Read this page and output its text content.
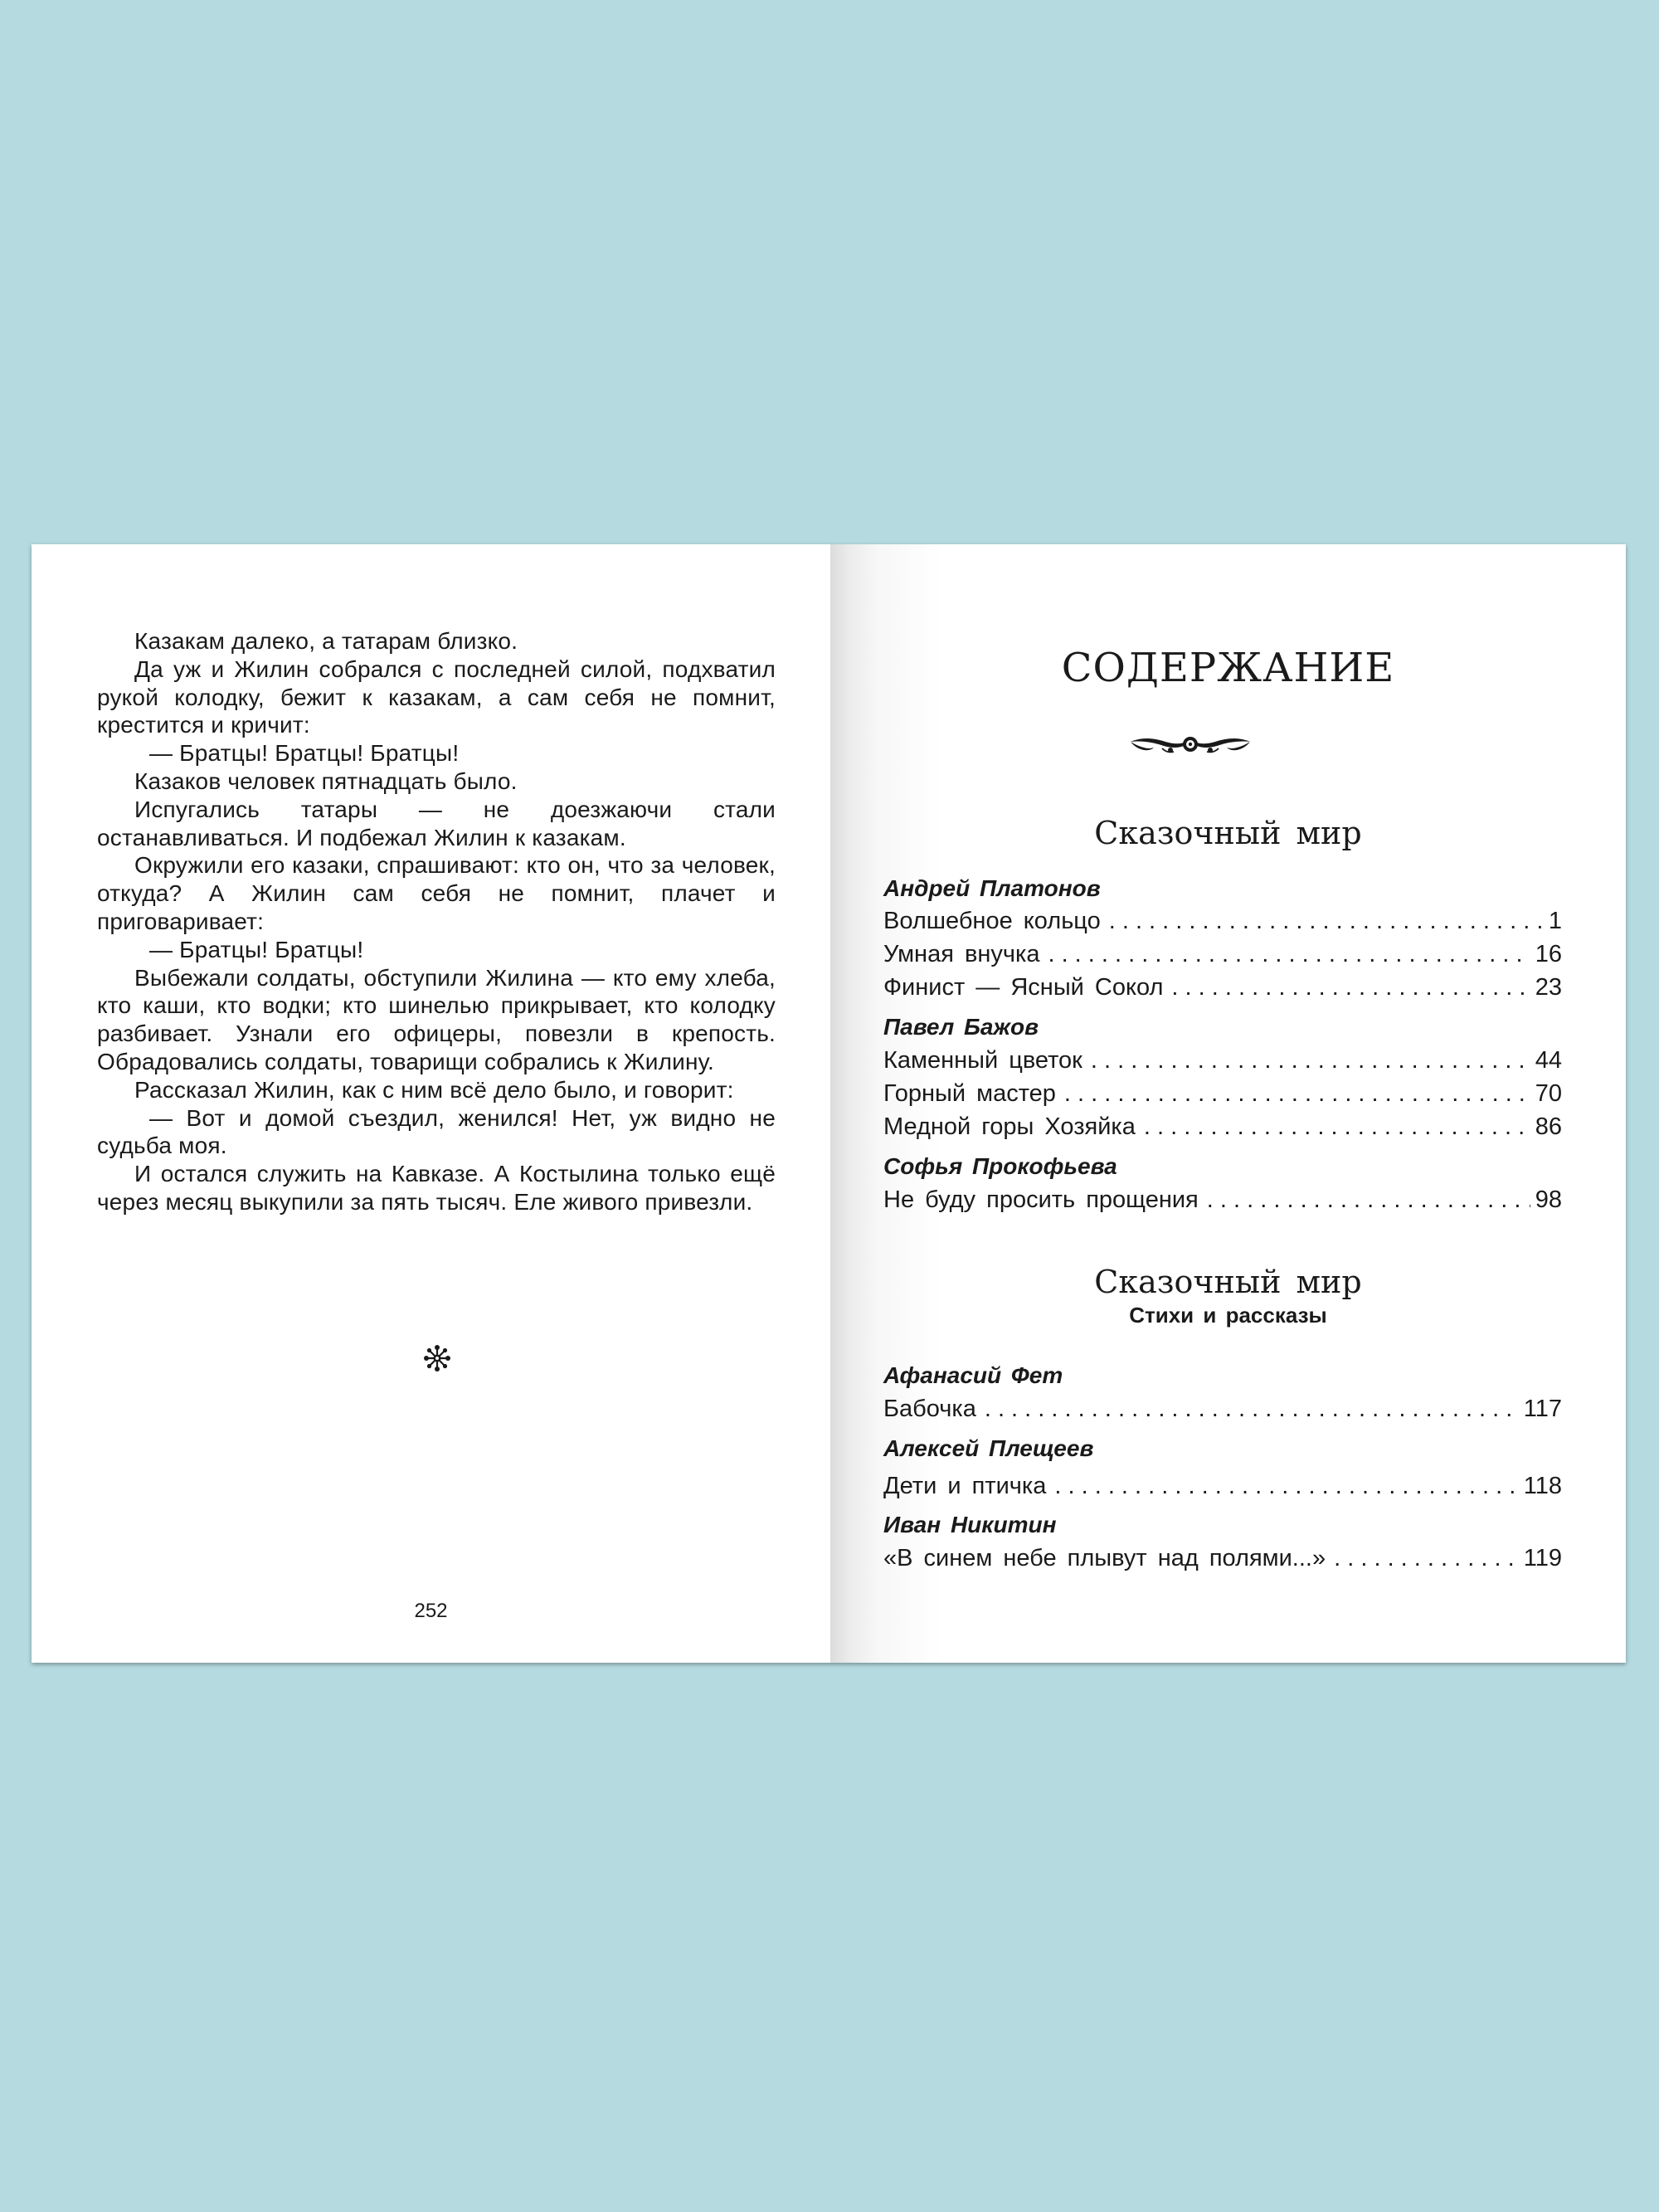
Казакам далеко, а татарам близко.

Да уж и Жилин собрался с последней силой, подхватил рукой колодку, бежит к казакам, а сам себя не помнит, крестится и кричит:

— Братцы! Братцы! Братцы!

Казаков человек пятнадцать было.

Испугались татары — не доезжаючи стали останавливаться. И подбежал Жилин к казакам.

Окружили его казаки, спрашивают: кто он, что за человек, откуда? А Жилин сам себя не помнит, плачет и приговаривает:

— Братцы! Братцы!

Выбежали солдаты, обступили Жилина — кто ему хлеба, кто каши, кто водки; кто шинелью прикрывает, кто колодку разбивает. Узнали его офицеры, повезли в крепость. Обрадовались солдаты, товарищи собрались к Жилину.

Рассказал Жилин, как с ним всё дело было, и говорит:

— Вот и домой съездил, женился! Нет, уж видно не судьба моя.

И остался служить на Кавказе. А Костылина только ещё через месяц выкупили за пять тысяч. Еле живого привезли.

252
СОДЕРЖАНИЕ
Сказочный мир
Андрей Платонов
Волшебное кольцо . . .	1
Умная внучка . . .	16
Финист — Ясный Сокол . . .	23
Павел Бажов
Каменный цветок . . .	44
Горный мастер . . .	70
Медной горы Хозяйка . . .	86
Софья Прокофьева
Не буду просить прощения . . .	98
Сказочный мир
Стихи и рассказы
Афанасий Фет
Бабочка . . .	117
Алексей Плещеев
Дети и птичка . . .	118
Иван Никитин
«В синем небе плывут над полями...» . . .	119
